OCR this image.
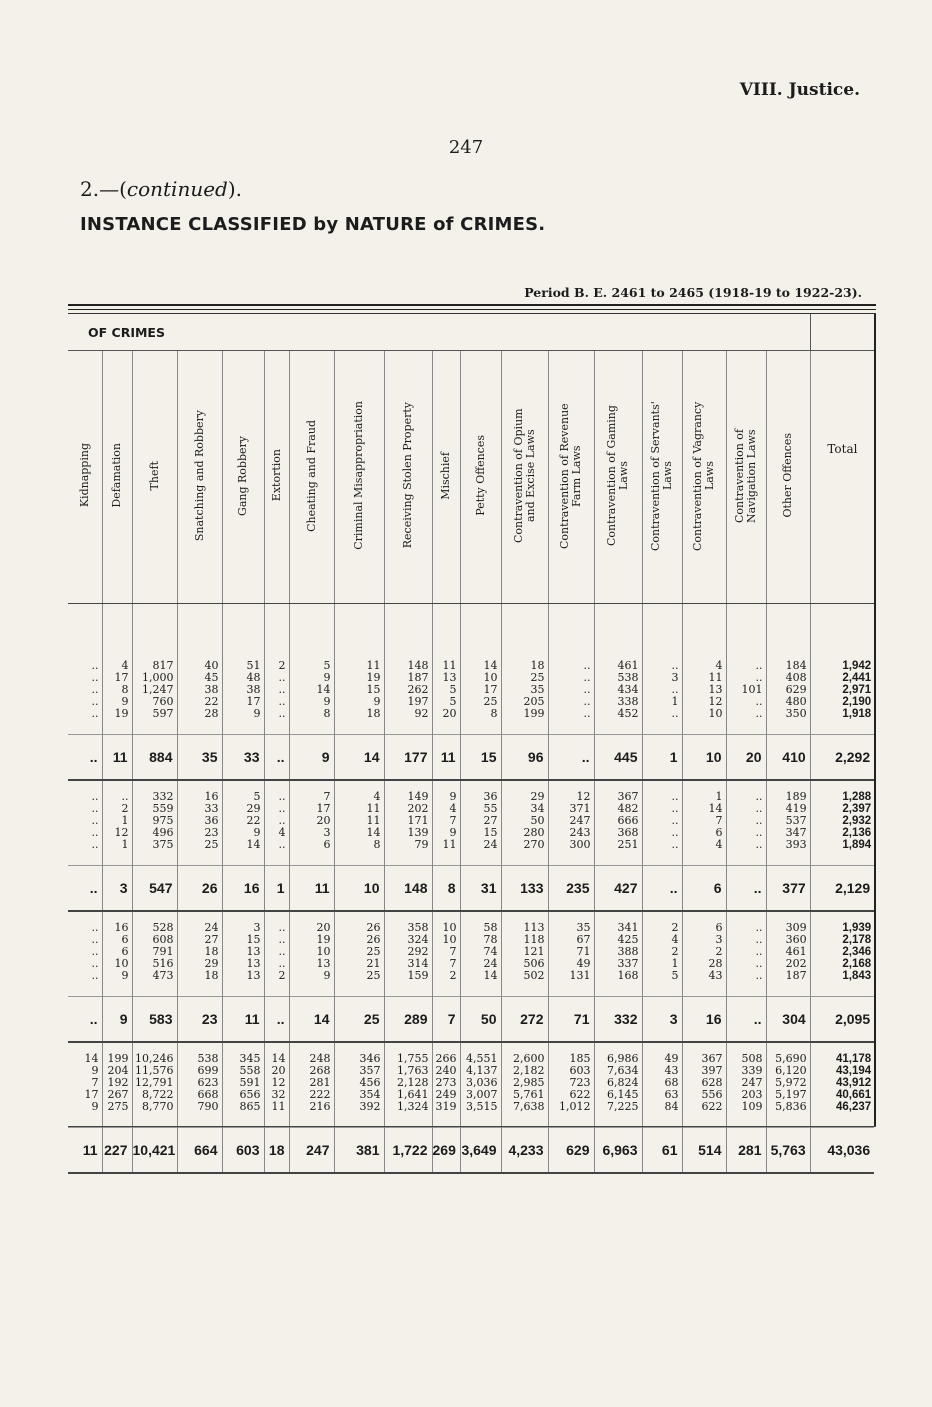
VIII. Justice.
247
2.—(continued).
INSTANCE CLASSIFIED by NATURE of CRIMES.
Period B. E. 2461 to 2465 (1918-19 to 1922-23).
OF CRIMES																		
Kidnapping	Defamation	Theft	Snatching and Robbery	Gang Robbery	Extortion	Cheating and Fraud	Criminal Misappropriation	Receiving Stolen Property	Mischief	Petty Offences	Contravention of Opium and Excise Laws	Contravention of Revenue Farm Laws	Contravention of Gaming Laws	Contravention of Servants' Laws	Contravention of Vagrancy Laws	Contravention of Navigation Laws	Other Offences	Total

..	4	817	40	51	2	5	11	148	11	14	18	..	461	..	4	..	184	1,942
..	17	1,000	45	48	..	9	19	187	13	10	25	..	538	3	11	..	408	2,441
..	8	1,247	38	38	..	14	15	262	5	17	35	..	434	..	13	101	629	2,971
..	9	760	22	17	..	9	9	197	5	25	205	..	338	1	12	..	480	2,190
..	19	597	28	9	..	8	18	92	20	8	199	..	452	..	10	..	350	1,918

..	11	884	35	33	..	9	14	177	11	15	96	..	445	1	10	20	410	2,292

..	..	332	16	5	..	7	4	149	9	36	29	12	367	..	1	..	189	1,288
..	2	559	33	29	..	17	11	202	4	55	34	371	482	..	14	..	419	2,397
..	1	975	36	22	..	20	11	171	7	27	50	247	666	..	7	..	537	2,932
..	12	496	23	9	4	3	14	139	9	15	280	243	368	..	6	..	347	2,136
..	1	375	25	14	..	6	8	79	11	24	270	300	251	..	4	..	393	1,894

..	3	547	26	16	1	11	10	148	8	31	133	235	427	..	6	..	377	2,129

..	16	528	24	3	..	20	26	358	10	58	113	35	341	2	6	..	309	1,939
..	6	608	27	15	..	19	26	324	10	78	118	67	425	4	3	..	360	2,178
..	6	791	18	13	..	10	25	292	7	74	121	71	388	2	2	..	461	2,346
..	10	516	29	13	..	13	21	314	7	24	506	49	337	1	28	..	202	2,168
..	9	473	18	13	2	9	25	159	2	14	502	131	168	5	43	..	187	1,843

..	9	583	23	11	..	14	25	289	7	50	272	71	332	3	16	..	304	2,095

14	199	10,246	538	345	14	248	346	1,755	266	4,551	2,600	185	6,986	49	367	508	5,690	41,178
9	204	11,576	699	558	20	268	357	1,763	240	4,137	2,182	603	7,634	43	397	339	6,120	43,194
7	192	12,791	623	591	12	281	456	2,128	273	3,036	2,985	723	6,824	68	628	247	5,972	43,912
17	267	8,722	668	656	32	222	354	1,641	249	3,007	5,761	622	6,145	63	556	203	5,197	40,661
9	275	8,770	790	865	11	216	392	1,324	319	3,515	7,638	1,012	7,225	84	622	109	5,836	46,237

11	227	10,421	664	603	18	247	381	1,722	269	3,649	4,233	629	6,963	61	514	281	5,763	43,036
